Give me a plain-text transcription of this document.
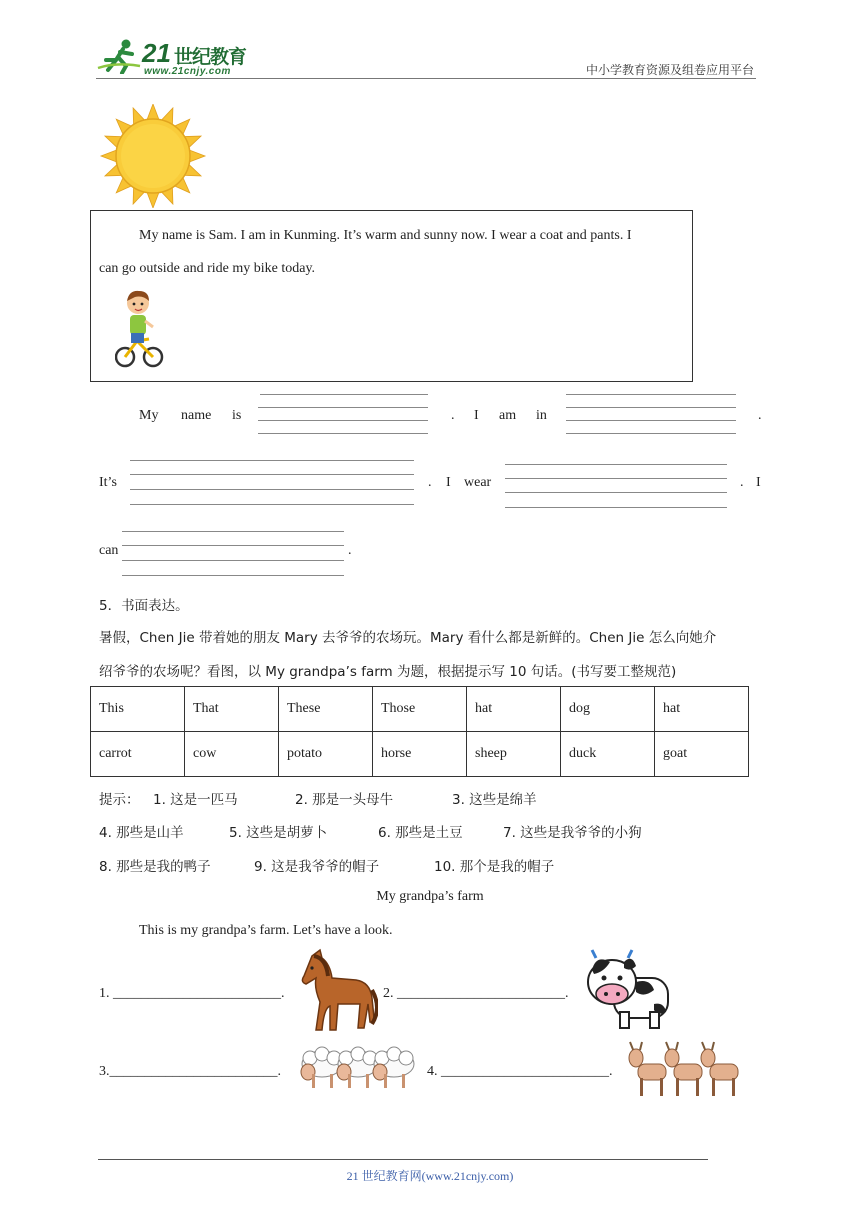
21 世纪教育
www.21cnjy.com	中小学教育资源及组卷应用平台
My name is Sam. I am in Kunming. It’s warm and sunny now. I wear a coat and pants. I
can go outside and ride my bike today.
My name is	. I am in	.
It’s	. I wear	. I
can	.
5．书面表达。
暑假，Chen Jie 带着她的朋友 Mary 去爷爷的农场玩。Mary 看什么都是新鲜的。Chen Jie 怎么向她介
绍爷爷的农场呢？看图，以 My grandpa’s farm 为题，根据提示写 10 句话。(书写要工整规范)
This	That	These	Those	hat	dog	hat
carrot	cow	potato	horse	sheep	duck	goat
提示： 1. 这是一匹马	2. 那是一头母牛	3. 这些是绵羊
4. 那些是山羊	5. 这些是胡萝卜	6. 那些是土豆	7. 这些是我爷爷的小狗
8. 那些是我的鸭子	9. 这是我爷爷的帽子	10. 那个是我的帽子
My grandpa’s farm
This is my grandpa’s farm. Let’s have a look.
1. ________________________.	2. ________________________.
3.________________________.	4. ________________________.
21 世纪教育网(www.21cnjy.com)
